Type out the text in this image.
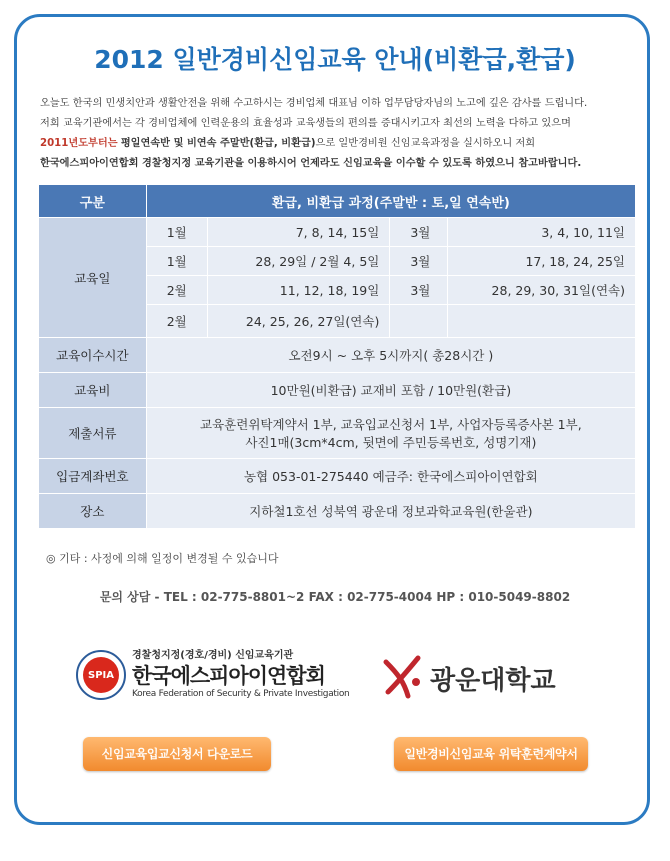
2012 일반경비신임교육 안내(비환급,환급)
오늘도 한국의 민생치안과 생활안전을 위해 수고하시는 경비업체 대표님 이하 업무담당자님의 노고에 깊은 감사를 드립니다.
저희 교육기관에서는 각 경비업체에 인력운용의 효율성과 교육생들의 편의를 증대시키고자 최선의 노력을 다하고 있으며
2011년도부터는 평일연속반 및 비연속 주말반(환급, 비환급)으로 일반경비원 신임교육과정을 실시하오니 저희
한국에스피아이연합회 경찰청지정 교육기관을 이용하시어 언제라도 신임교육을 이수할 수 있도록 하였으니 참고바랍니다.
구분	환급, 비환급 과정(주말반 : 토,일 연속반)			
교육일	1월	7, 8, 14, 15일	3월	3, 4, 10, 11일
	1월	28, 29일 / 2월 4, 5일	3월	17, 18, 24, 25일
	2월	11, 12, 18, 19일	3월	28, 29, 30, 31일(연속)
	2월	24, 25, 26, 27일(연속)		
교육이수시간	오전9시 ~ 오후 5시까지( 총28시간 )			
교육비	10만원(비환급) 교재비 포함 / 10만원(환급)			
제출서류	교육훈련위탁계약서 1부, 교육입교신청서 1부, 사업자등록증사본 1부,
사진1매(3cm*4cm, 뒷면에 주민등록번호, 성명기재)			

입금계좌번호	농협 053-01-275440 예금주: 한국에스피아이연합회			
장소	지하철1호선 성북역 광운대 정보과학교육원(한울관)			
◎ 기타 : 사정에 의해 일정이 변경될 수 있습니다
문의 상담 - TEL : 02-775-8801~2 FAX : 02-775-4004 HP : 010-5049-8802
SPIA
경찰청지정(경호/경비) 신임교육기관
한국에스피아이연합회
Korea Federation of Security & Private Investigation	광운대학교
신임교육입교신청서 다운로드	일반경비신임교육 위탁훈련계약서
